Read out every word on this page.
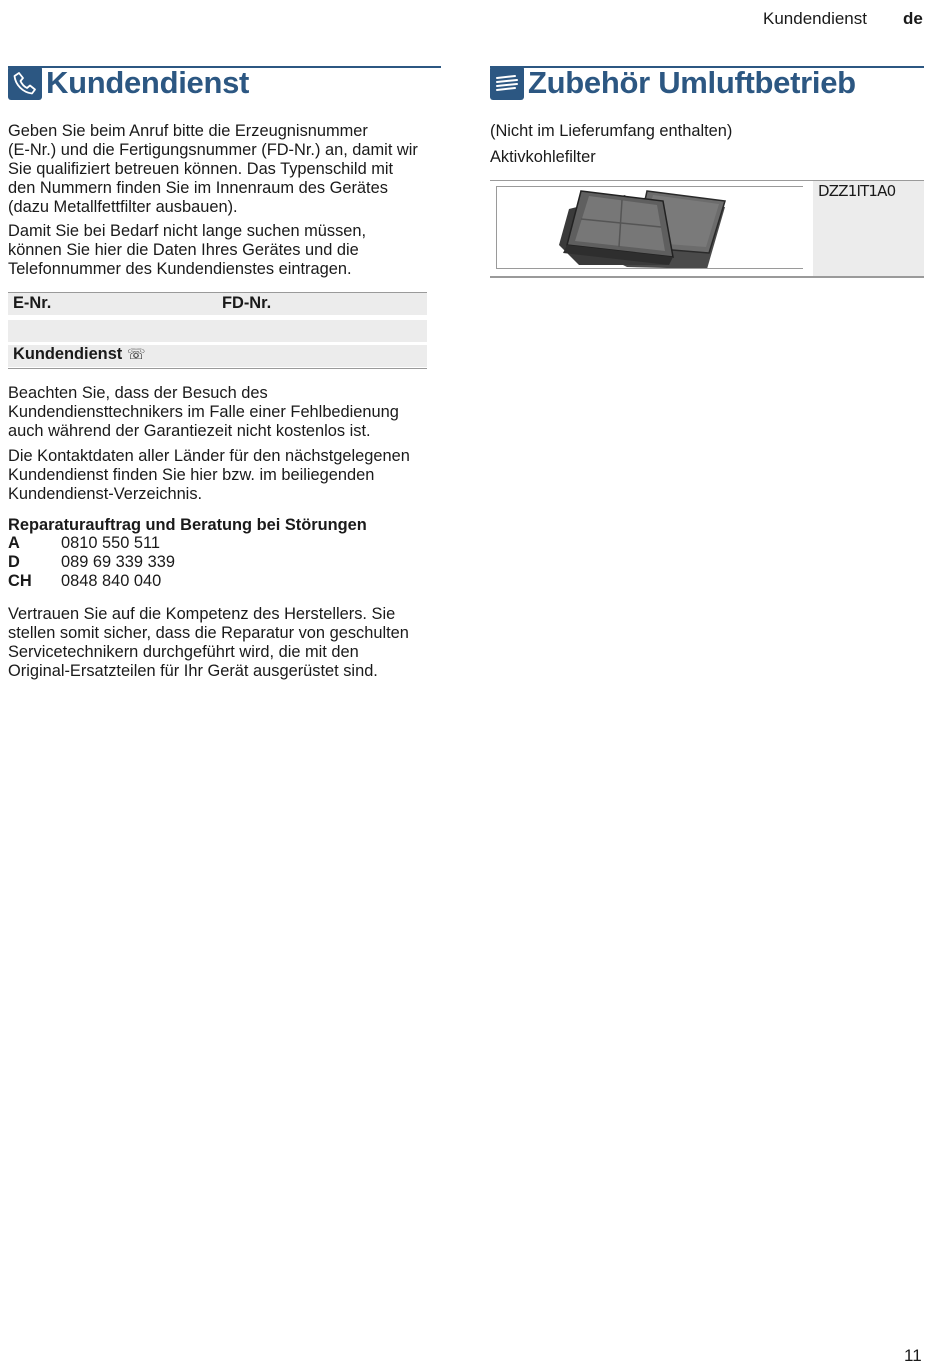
Kundendienst de
Kundendienst	Zubehör Umluftbetrieb
Geben Sie beim Anruf bitte die Erzeugnisnummer
(E-Nr.) und die Fertigungsnummer (FD-Nr.) an, damit wir
Sie qualifiziert betreuen können. Das Typenschild mit
den Nummern finden Sie im Innenraum des Gerätes
(dazu Metallfettfilter ausbauen).
Damit Sie bei Bedarf nicht lange suchen müssen,
können Sie hier die Daten Ihres Gerätes und die
Telefonnummer des Kundendienstes eintragen.
E-Nr.	FD-Nr.
Kundendienst ☏
Beachten Sie, dass der Besuch des
Kundendiensttechnikers im Falle einer Fehlbedienung
auch während der Garantiezeit nicht kostenlos ist.
Die Kontaktdaten aller Länder für den nächstgelegenen
Kundendienst finden Sie hier bzw. im beiliegenden
Kundendienst-Verzeichnis.
Reparaturauftrag und Beratung bei Störungen
A	0810 550 511
D	089 69 339 339
CH	0848 840 040
Vertrauen Sie auf die Kompetenz des Herstellers. Sie
stellen somit sicher, dass die Reparatur von geschulten
Servicetechnikern durchgeführt wird, die mit den
Original-Ersatzteilen für Ihr Gerät ausgerüstet sind.
(Nicht im Lieferumfang enthalten)
Aktivkohlefilter
DZZ1IT1A0
11
